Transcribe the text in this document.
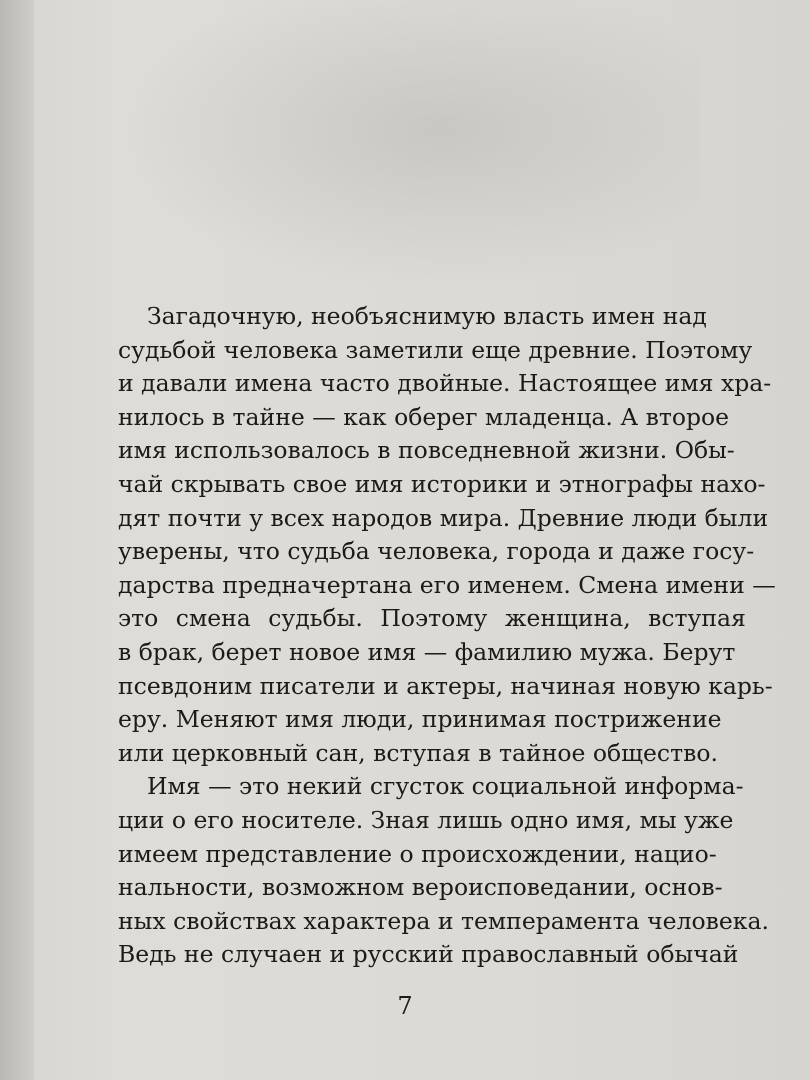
Загадочную, необъяснимую власть имен над
судьбой человека заметили еще древние. Поэтому
и давали имена часто двойные. Настоящее имя хра-
нилось в тайне — как оберег младенца. А второе
имя использовалось в повседневной жизни. Обы-
чай скрывать свое имя историки и этнографы нахо-
дят почти у всех народов мира. Древние люди были
уверены, что судьба человека, города и даже госу-
дарства предначертана его именем. Смена имени —
это смена судьбы. Поэтому женщина, вступая
в брак, берет новое имя — фамилию мужа. Берут
псевдоним писатели и актеры, начиная новую карь-
еру. Меняют имя люди, принимая пострижение
или церковный сан, вступая в тайное общество.
Имя — это некий сгусток социальной информа-
ции о его носителе. Зная лишь одно имя, мы уже
имеем представление о происхождении, нацио-
нальности, возможном вероисповедании, основ-
ных свойствах характера и темперамента человека.
Ведь не случаен и русский православный обычай
7
